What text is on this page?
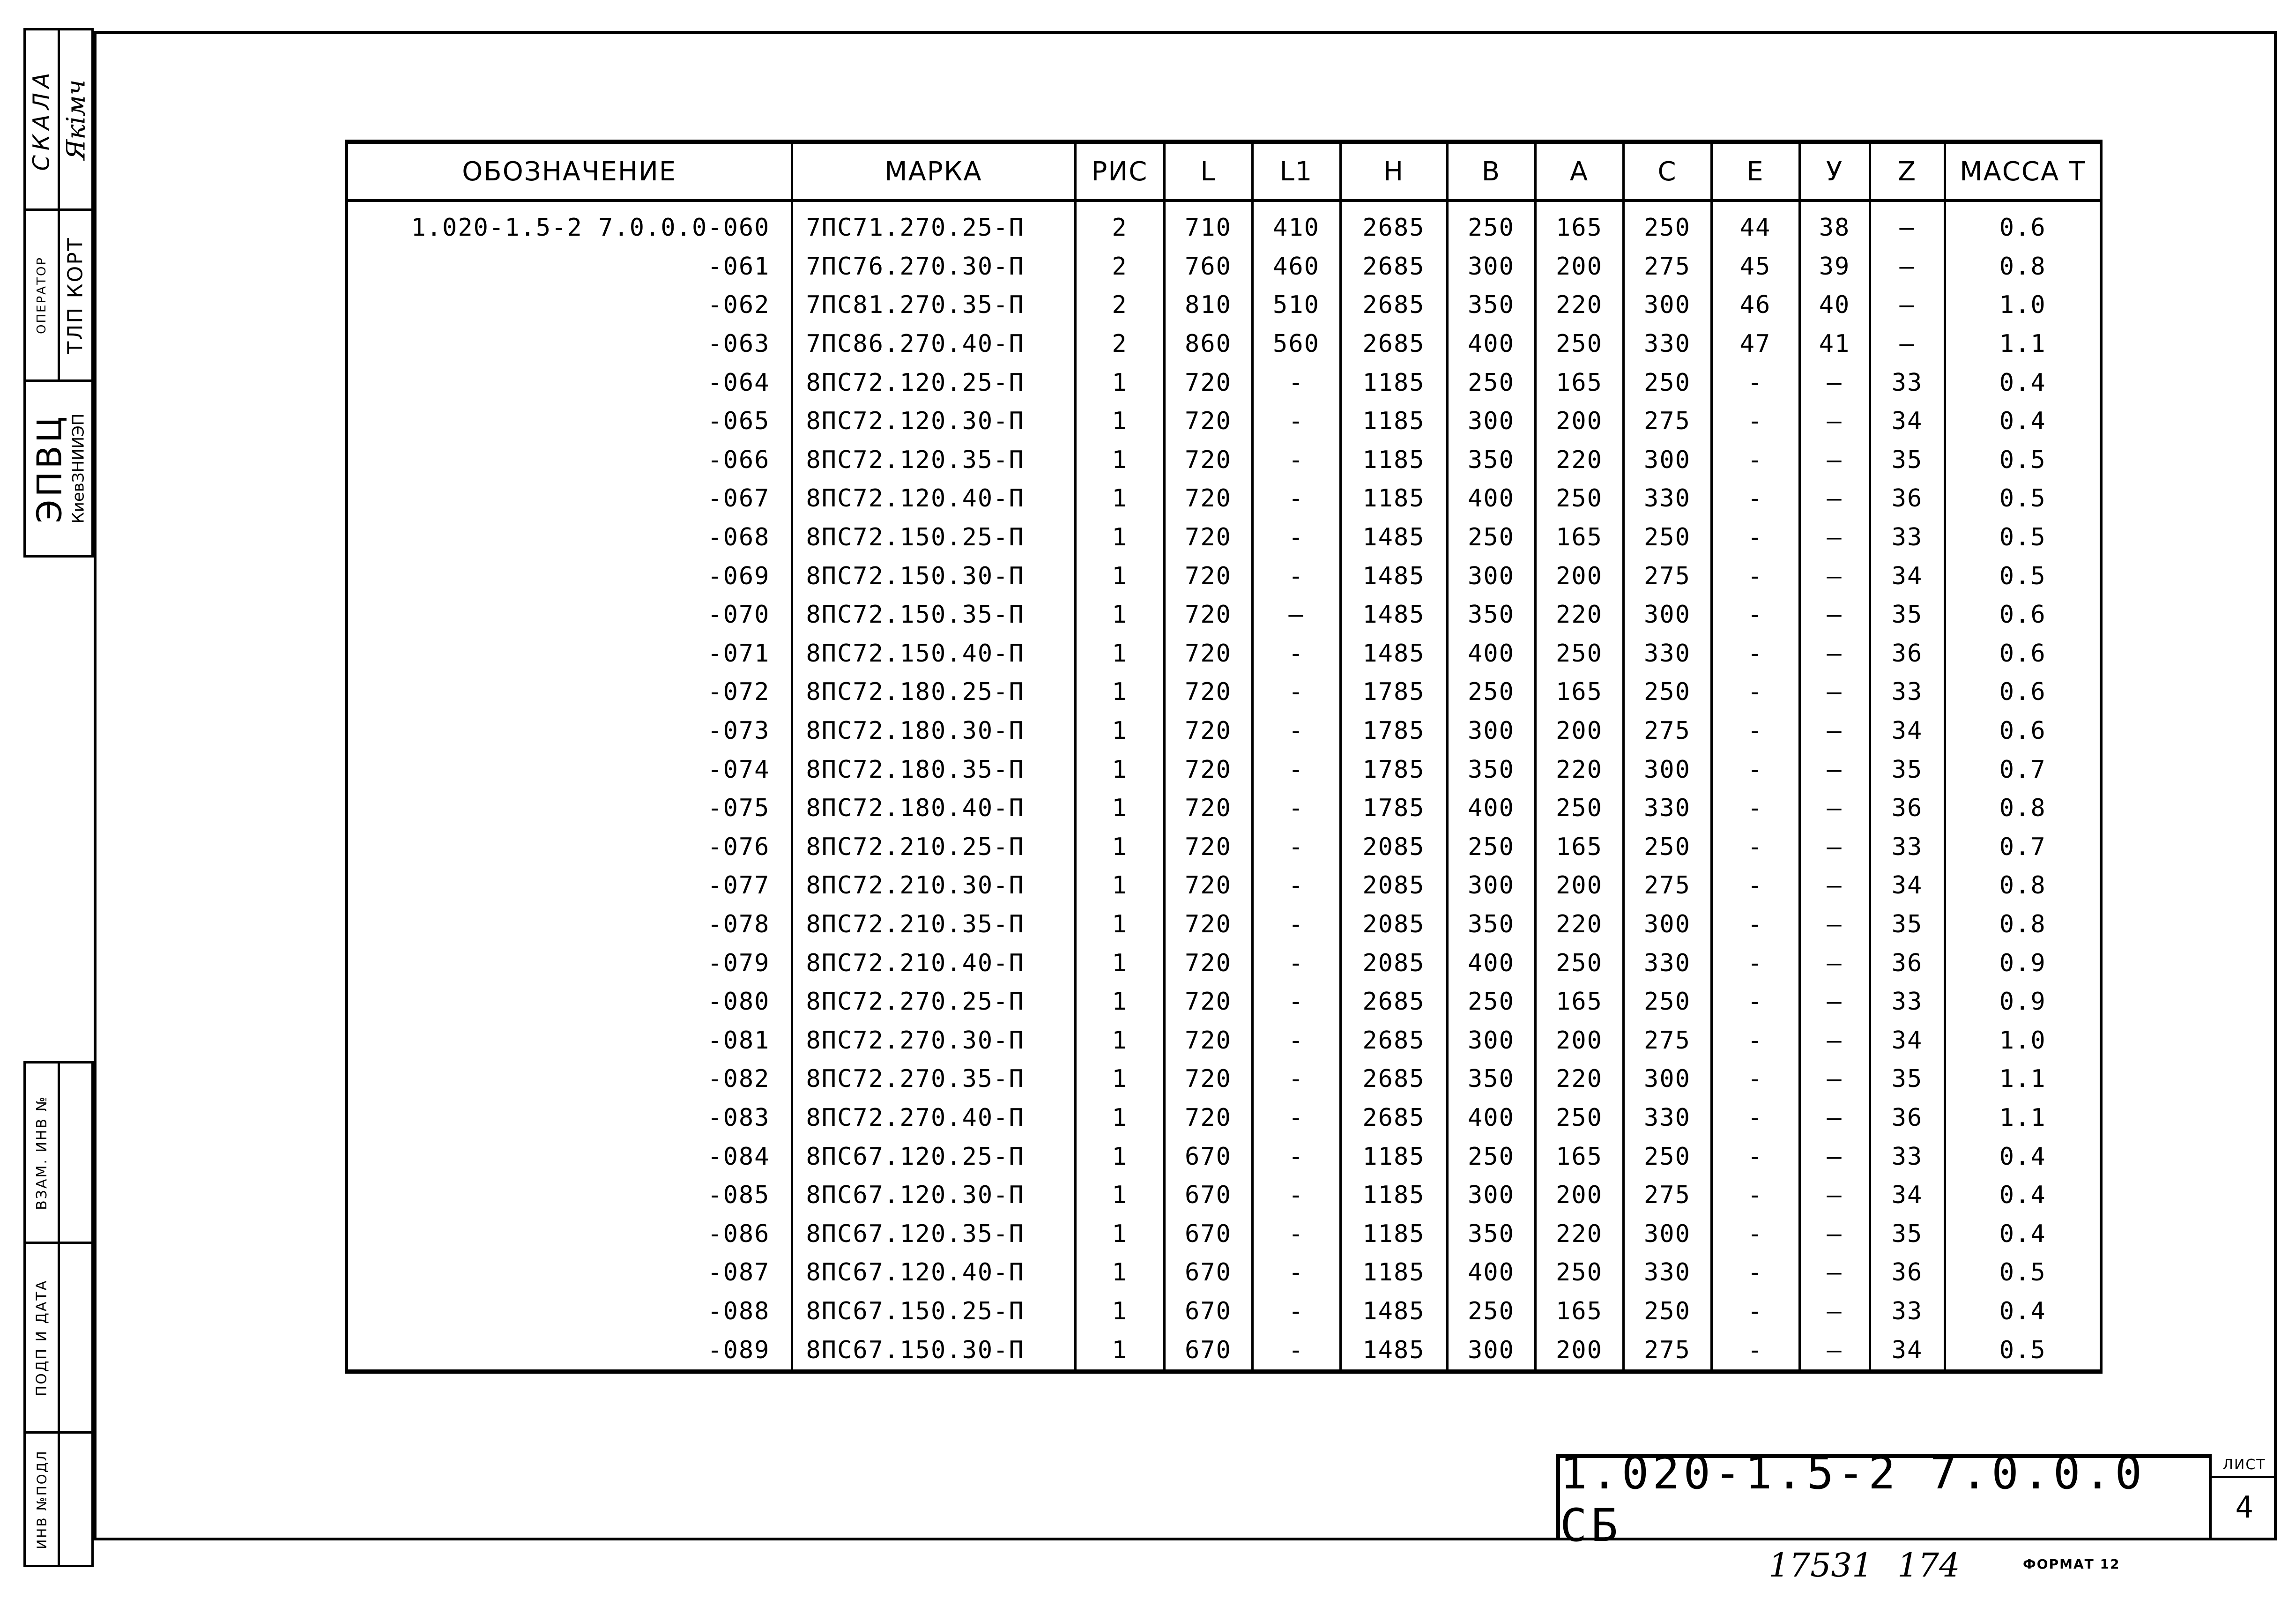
СКАЛА Якімч
ОПЕРАТОР ТЛП КОРТ
ЭПВЦ КиевЗНИИЭП
ВЗАМ. ИНВ №
ПОДП И ДАТА
ИНВ №ПОДЛ
ОБОЗНАЧЕНИЕ	МАРКА	РИС	L	L1	H	B	A	C	E	У	Z	МАССА Т
1.020-1.5-2 7.0.0.0-060	7ПС71.270.25-П	2	710	410	2685	250	165	250	44	38	–	0.6
-061	7ПС76.270.30-П	2	760	460	2685	300	200	275	45	39	–	0.8
-062	7ПС81.270.35-П	2	810	510	2685	350	220	300	46	40	–	1.0
-063	7ПС86.270.40-П	2	860	560	2685	400	250	330	47	41	–	1.1
-064	8ПС72.120.25-П	1	720	-	1185	250	165	250	-	–	33	0.4
-065	8ПС72.120.30-П	1	720	-	1185	300	200	275	-	–	34	0.4
-066	8ПС72.120.35-П	1	720	-	1185	350	220	300	-	–	35	0.5
-067	8ПС72.120.40-П	1	720	-	1185	400	250	330	-	–	36	0.5
-068	8ПС72.150.25-П	1	720	-	1485	250	165	250	-	–	33	0.5
-069	8ПС72.150.30-П	1	720	-	1485	300	200	275	-	–	34	0.5
-070	8ПС72.150.35-П	1	720	–	1485	350	220	300	-	–	35	0.6
-071	8ПС72.150.40-П	1	720	-	1485	400	250	330	-	–	36	0.6
-072	8ПС72.180.25-П	1	720	-	1785	250	165	250	-	–	33	0.6
-073	8ПС72.180.30-П	1	720	-	1785	300	200	275	-	–	34	0.6
-074	8ПС72.180.35-П	1	720	-	1785	350	220	300	-	–	35	0.7
-075	8ПС72.180.40-П	1	720	-	1785	400	250	330	-	–	36	0.8
-076	8ПС72.210.25-П	1	720	-	2085	250	165	250	-	–	33	0.7
-077	8ПС72.210.30-П	1	720	-	2085	300	200	275	-	–	34	0.8
-078	8ПС72.210.35-П	1	720	-	2085	350	220	300	-	–	35	0.8
-079	8ПС72.210.40-П	1	720	-	2085	400	250	330	-	–	36	0.9
-080	8ПС72.270.25-П	1	720	-	2685	250	165	250	-	–	33	0.9
-081	8ПС72.270.30-П	1	720	-	2685	300	200	275	-	–	34	1.0
-082	8ПС72.270.35-П	1	720	-	2685	350	220	300	-	–	35	1.1
-083	8ПС72.270.40-П	1	720	-	2685	400	250	330	-	–	36	1.1
-084	8ПС67.120.25-П	1	670	-	1185	250	165	250	-	–	33	0.4
-085	8ПС67.120.30-П	1	670	-	1185	300	200	275	-	–	34	0.4
-086	8ПС67.120.35-П	1	670	-	1185	350	220	300	-	–	35	0.4
-087	8ПС67.120.40-П	1	670	-	1185	400	250	330	-	–	36	0.5
-088	8ПС67.150.25-П	1	670	-	1485	250	165	250	-	–	33	0.4
-089	8ПС67.150.30-П	1	670	-	1485	300	200	275	-	–	34	0.5
1.020-1.5-2 7.0.0.0 СБ
ЛИСТ
4
17531 174	ФОРМАТ 12
